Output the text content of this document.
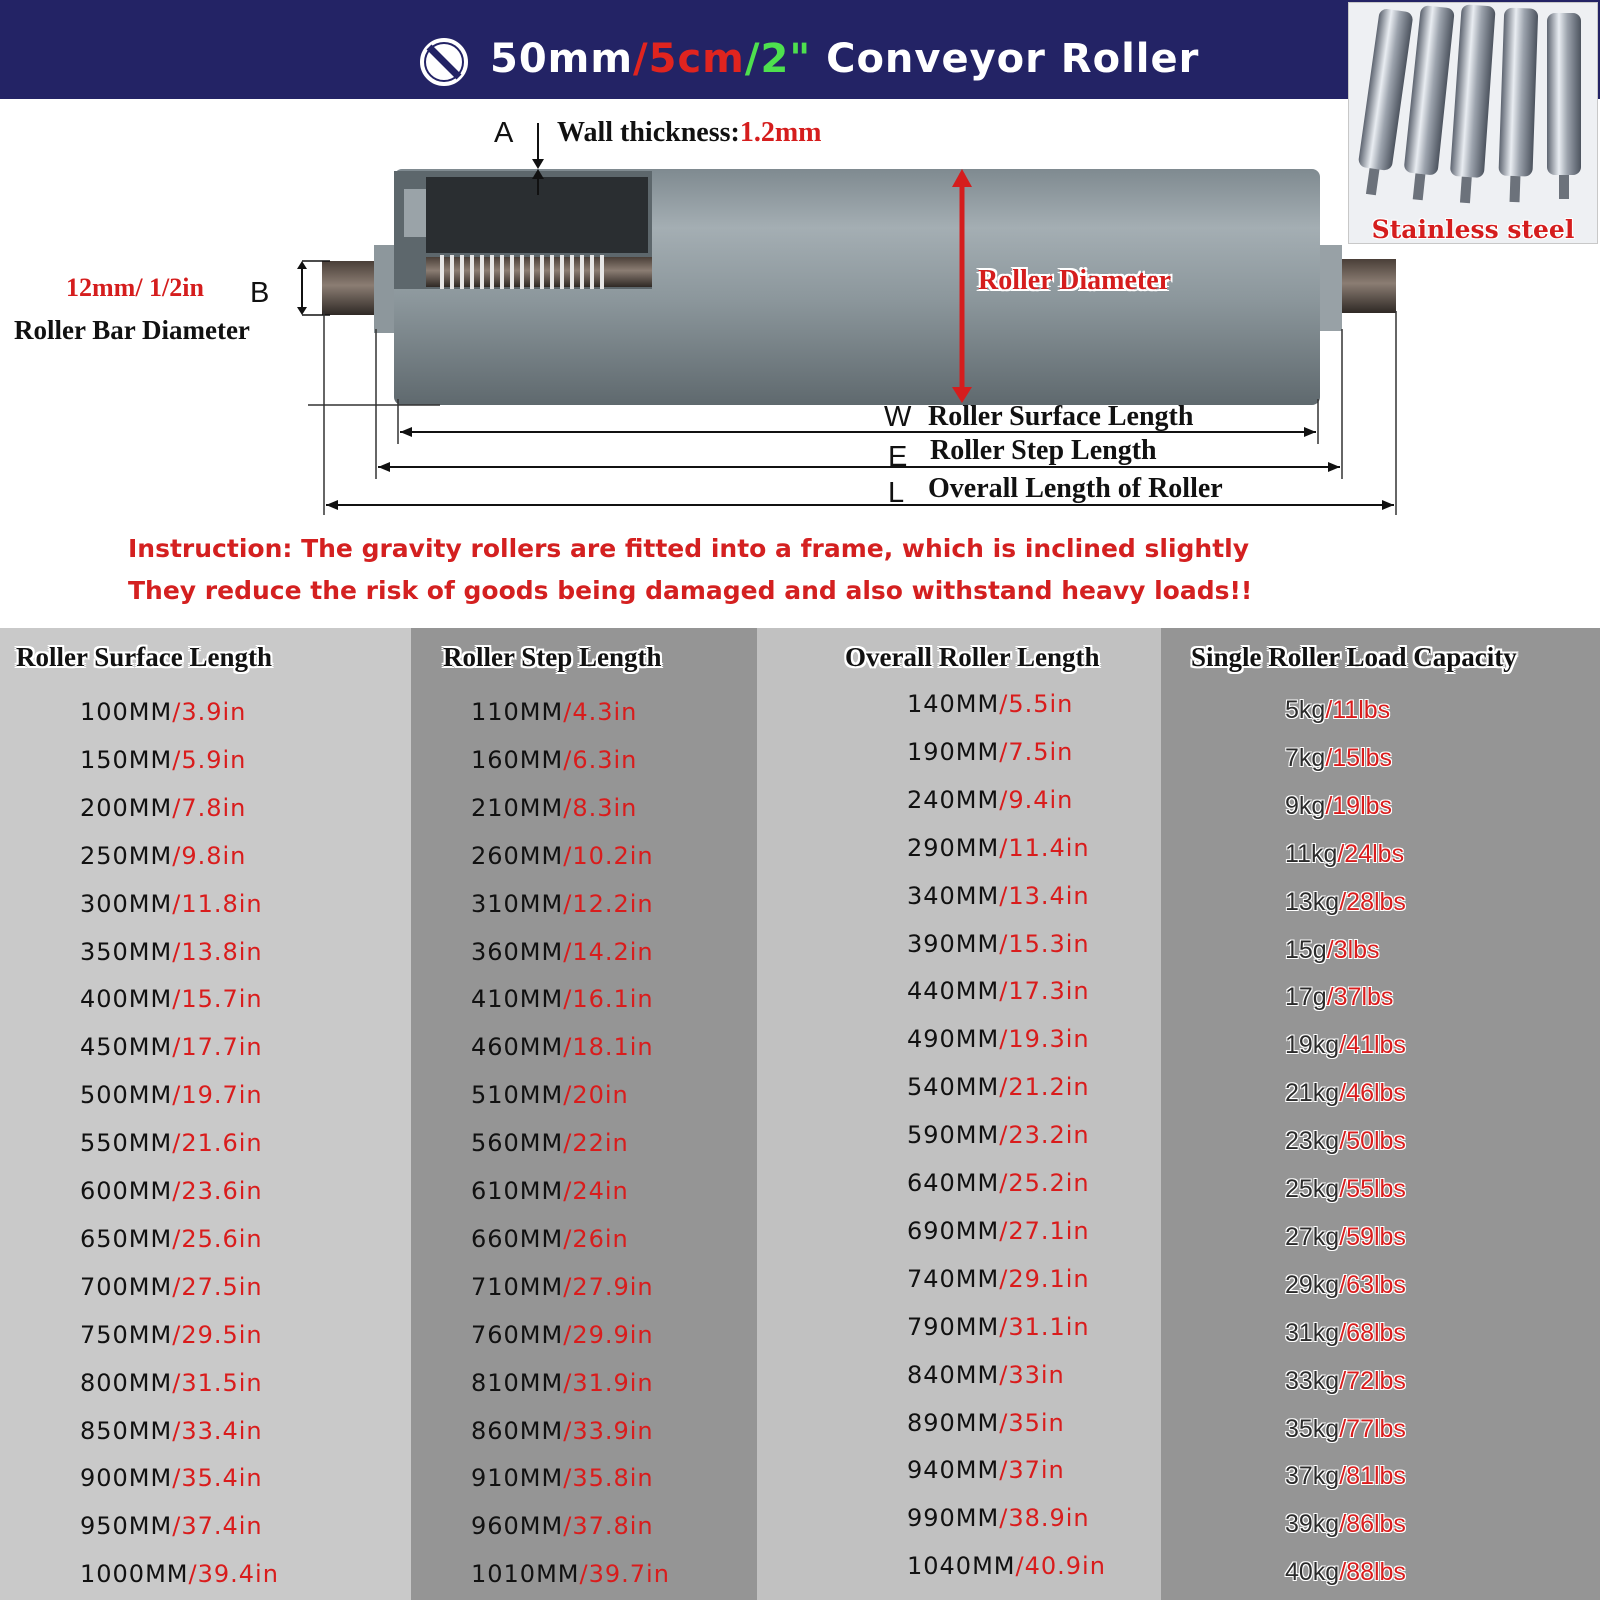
50mm/5cm/2" Conveyor Roller
Stainless steel
A Wall thickness:1.2mm
12mm/ 1/2in B
Roller Bar Diameter
Roller Diameter
W Roller Surface Length
E Roller Step Length
L Overall Length of Roller
Instruction: The gravity rollers are fitted into a frame, which is inclined slightly
They reduce the risk of goods being damaged and also withstand heavy loads!!
Roller Surface Length
100MM/3.9in
150MM/5.9in
200MM/7.8in
250MM/9.8in
300MM/11.8in
350MM/13.8in
400MM/15.7in
450MM/17.7in
500MM/19.7in
550MM/21.6in
600MM/23.6in
650MM/25.6in
700MM/27.5in
750MM/29.5in
800MM/31.5in
850MM/33.4in
900MM/35.4in
950MM/37.4in
1000MM/39.4in
Roller Step Length
110MM/4.3in
160MM/6.3in
210MM/8.3in
260MM/10.2in
310MM/12.2in
360MM/14.2in
410MM/16.1in
460MM/18.1in
510MM/20in
560MM/22in
610MM/24in
660MM/26in
710MM/27.9in
760MM/29.9in
810MM/31.9in
860MM/33.9in
910MM/35.8in
960MM/37.8in
1010MM/39.7in
Overall Roller Length
140MM/5.5in
190MM/7.5in
240MM/9.4in
290MM/11.4in
340MM/13.4in
390MM/15.3in
440MM/17.3in
490MM/19.3in
540MM/21.2in
590MM/23.2in
640MM/25.2in
690MM/27.1in
740MM/29.1in
790MM/31.1in
840MM/33in
890MM/35in
940MM/37in
990MM/38.9in
1040MM/40.9in
Single Roller Load Capacity
5kg/11lbs
7kg/15lbs
9kg/19lbs
11kg/24lbs
13kg/28lbs
15g/3lbs
17g/37lbs
19kg/41lbs
21kg/46lbs
23kg/50lbs
25kg/55lbs
27kg/59lbs
29kg/63lbs
31kg/68lbs
33kg/72lbs
35kg/77lbs
37kg/81lbs
39kg/86lbs
40kg/88lbs
